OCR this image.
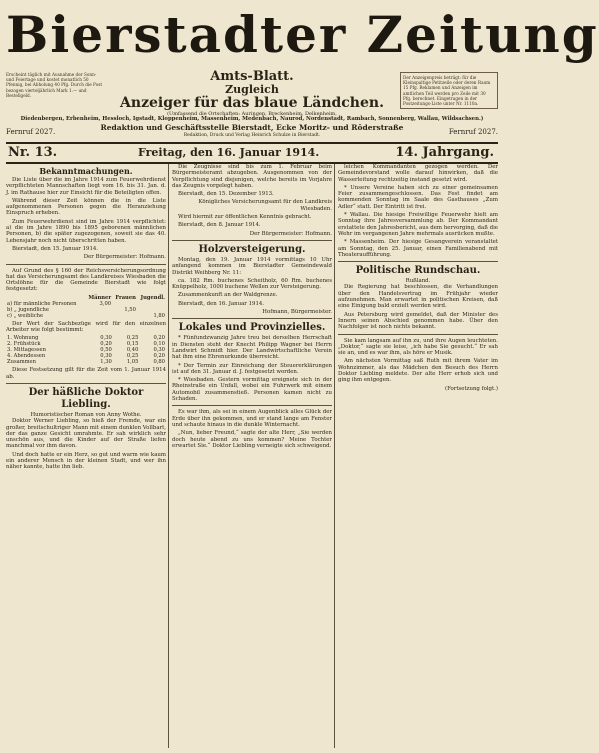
Bierstadter Zeitung
Erscheint täglich mit Ausnahme der Sonn- und Feiertage und kostet monatlich 50 Pfennig, bei Abholung 40 Pfg. Durch die Post bezogen vierteljährlich Mark 1.— und Bestellgeld.
Der Anzeigenpreis beträgt: für die Kleinspaltige Petitzeile oder deren Raum 15 Pfg. Reklamen und Anzeigen im amtlichen Teil werden pro Zeile mit 30 Pfg. berechnet. Eingetragen in der Postzeitungs-Liste unter Nr. 1110a.
Amts-Blatt.
Zugleich
Anzeiger für das blaue Ländchen.
(Umfassend die Ortschaften: Auringen, Breckenheim, Delkenheim,
Diedenbergen, Erbenheim, Hessloch, Igstadt, Kloppenheim, Massenheim, Medenbach, Naurod, Nordenstadt, Rambach, Sonnenberg, Wallau, Wildsachsen.)
Fernruf 2027.	Redaktion und Geschäftsstelle Bierstadt, Ecke Moritz- und Rôderstraße
Redaktion, Druck und Verlag Heinrich Schulze in Bierstadt.	Fernruf 2027.
Nr. 13.	Freitag, den 16. Januar 1914.	14. Jahrgang.
Bekanntmachungen.

Die Liste über die im Jahre 1914 zum Feuerwehrdienst verpflichteten Mannschaften liegt vom 16. bis 31. Jan. d. J. im Rathause hier zur Einsicht für die Beteiligten offen.

Während dieser Zeit können die in die Liste aufgenommenen Personen gegen die Heranziehung Einspruch erheben.

Zum Feuerwehrdienst sind im Jahre 1914 verpflichtet: a) die im Jahre 1890 bis 1895 geborenen männlichen Personen, b) die später zugezogenen, soweit sie das 40. Lebensjahr noch nicht überschritten haben.

Bierstadt, den 15. Januar 1914.

Der Bürgermeister: Hofmann.

Auf Grund des § 160 der Reichsversicherungsordnung hat das Versicherungsamt des Landkreises Wiesbaden die Ortslöhne für die Gemeinde Bierstadt wie folgt festgesetzt:

	Männer	Frauen	Jugendl.
a) für männliche Personen	3,00		
b) „ jugendliche		1,50	
c) „ weibliche			1,80

Der Wert der Sachbezüge wird für den einzelnen Arbeiter wie folgt bestimmt:

1. Wohnung	0,30	0,25	0,20
2. Frühstück	0,20	0,15	0,10
3. Mittagessen	0,50	0,40	0,30
4. Abendessen	0,30	0,25	0,20
Zusammen	1,30	1,05	0,80

Diese Festsetzung gilt für die Zeit vom 1. Januar 1914 ab.

Der häßliche Doktor Liebling.
Humoristischer Roman von Anny Wothe.

Doktor Werner Liebling, so hieß der Fremde, war ein großer, breitschultriger Mann mit einem dunklen Vollbart, der das ganze Gesicht umrahmte. Er sah wirklich sehr unschön aus, und die Kinder auf der Straße liefen manchmal vor ihm davon.

Und doch hatte er ein Herz, so gut und warm wie kaum ein anderer Mensch in der kleinen Stadt, und wer ihn näher kannte, hatte ihn lieb.

Die Zeugnisse sind bis zum 1. Februar beim Bürgermeisteramt abzugeben. Ausgenommen von der Verpflichtung sind diejenigen, welche bereits im Vorjahre das Zeugnis vorgelegt haben.

Bierstadt, den 15. Dezember 1913.

Königliches Versicherungsamt für den Landkreis Wiesbaden.

Wird hiermit zur öffentlichen Kenntnis gebracht.

Bierstadt, den 8. Januar 1914.

Der Bürgermeister: Hofmann.

Holzversteigerung.

Montag, den 19. Januar 1914 vormittags 10 Uhr anfangend kommen im Bierstadter Gemeindewald Distrikt Weihberg Nr. 11:

ca. 182 Rm. buchenes Scheitholz, 60 Rm. buchenes Knüppelholz, 1000 buchene Wellen zur Versteigerung.

Zusammenkunft an der Waldgrenze.

Bierstadt, den 16. Januar 1914.

Hofmann, Bürgermeister.

Lokales und Provinzielles.

* Fünfundzwanzig Jahre treu bei derselben Herrschaft in Diensten steht der Knecht Philipp Wagner bei Herrn Landwirt Schmidt hier. Der Landwirtschaftliche Verein hat ihm eine Ehrenurkunde überreicht.

* Der Termin zur Einreichung der Steuererklärungen ist auf den 31. Januar d. J. festgesetzt worden.

* Wiesbaden. Gestern vormittag ereignete sich in der Rheinstraße ein Unfall, wobei ein Fuhrwerk mit einem Automobil zusammenstieß. Personen kamen nicht zu Schaden.

Es war ihm, als sei in einem Augenblick alles Glück der Erde über ihn gekommen, und er stand lange am Fenster und schaute hinaus in die dunkle Winternacht.

„Nun, lieber Freund,“ sagte der alte Herr, „Sie werden doch heute abend zu uns kommen? Meine Tochter erwartet Sie.“ Doktor Liebling verneigte sich schweigend.

leichen Kommandanten gezogen werden. Der Gemeindevorstand wolle darauf hinwirken, daß die Wasserleitung rechtzeitig instand gesetzt wird.

* Unsere Vereine haben sich zu einer gemeinsamen Feier zusammengeschlossen. Das Fest findet am kommenden Sonntag im Saale des Gasthauses „Zum Adler“ statt. Der Eintritt ist frei.

* Wallau. Die hiesige Freiwillige Feuerwehr hielt am Sonntag ihre Jahresversammlung ab. Der Kommandant erstattete den Jahresbericht, aus dem hervorging, daß die Wehr im vergangenen Jahre mehrmals ausrücken mußte.

* Massenheim. Der hiesige Gesangverein veranstaltet am Sonntag, den 25. Januar, einen Familienabend mit Theateraufführung.

Politische Rundschau.
Rußland.

Die Regierung hat beschlossen, die Verhandlungen über den Handelsvertrag im Frühjahr wieder aufzunehmen. Man erwartet in politischen Kreisen, daß eine Einigung bald erzielt werden wird.

Aus Petersburg wird gemeldet, daß der Minister des Innern seinen Abschied genommen habe. Über den Nachfolger ist noch nichts bekannt.

Sie kam langsam auf ihn zu, und ihre Augen leuchteten. „Doktor,“ sagte sie leise, „ich habe Sie gesucht.“ Er sah sie an, und es war ihm, als höre er Musik.

Am nächsten Vormittag saß Ruth mit ihrem Vater im Wohnzimmer, als das Mädchen den Besuch des Herrn Doktor Liebling meldete. Der alte Herr erhob sich und ging ihm entgegen.

(Fortsetzung folgt.)
